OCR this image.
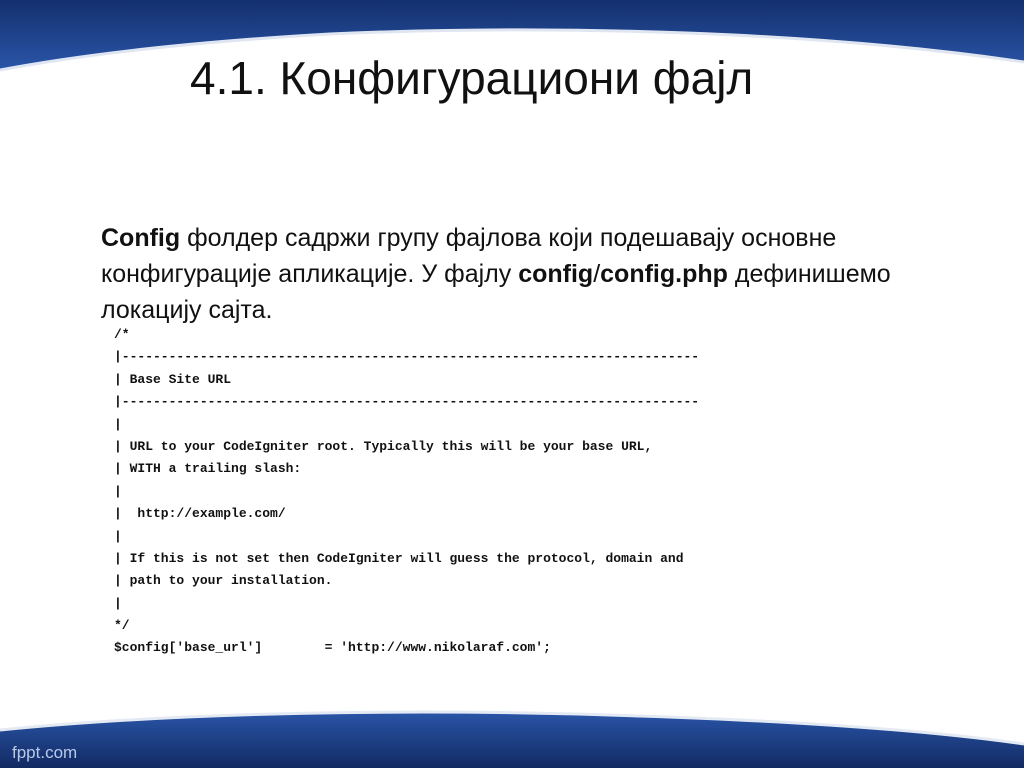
4.1. Конфигурациони фајл
Config фолдер садржи групу фајлова који подешавају основне конфигурације апликације. У фајлу config/config.php дефинишемо локацију сајта.
/*
|--------------------------------------------------------------------------
| Base Site URL
|--------------------------------------------------------------------------
|
| URL to your CodeIgniter root. Typically this will be your base URL,
| WITH a trailing slash:
|
|  http://example.com/
|
| If this is not set then CodeIgniter will guess the protocol, domain and
| path to your installation.
|
*/
$config['base_url']        = 'http://www.nikolaraf.com';
fppt.com
